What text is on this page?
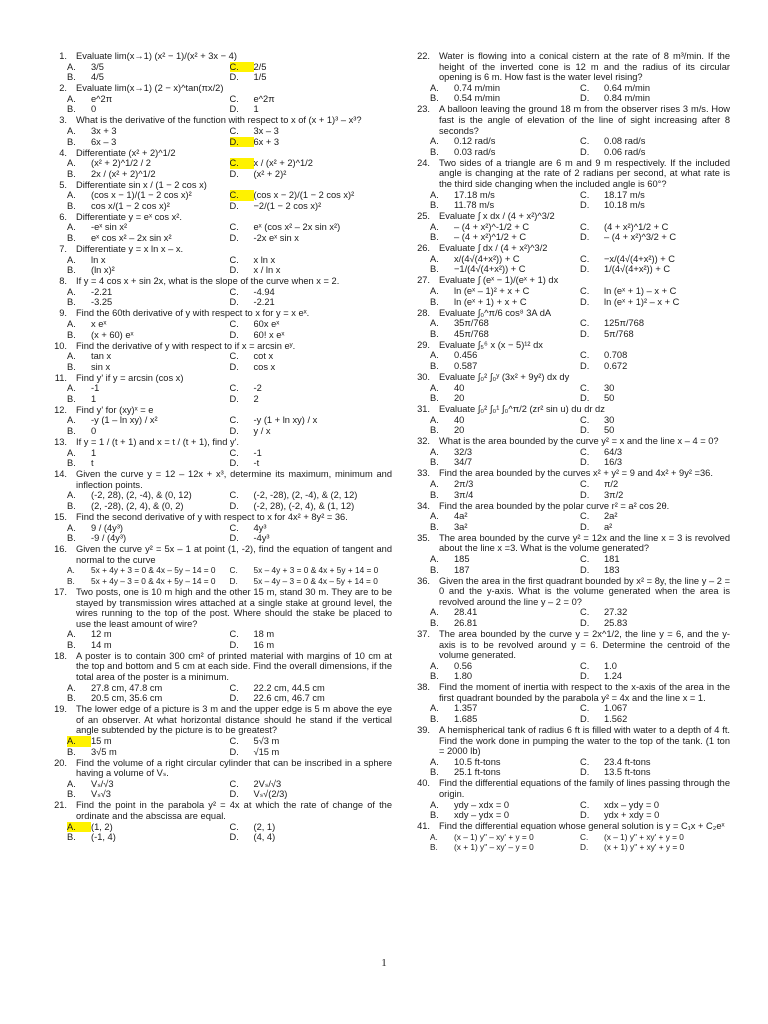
1. Evaluate lim(x→1) (x² − 1)/(x² + 3x − 4)
A.	3/5	C.	2/5
B.	4/5	D.	1/5
2. Evaluate lim(x→1) (2 − x)^tan(πx/2)
A.	e^2π	C.	e^2π
B.	0	D.	1
3. What is the derivative of the function with respect to x of (x + 1)³ – x³?
A.	3x + 3	C.	3x – 3
B.	6x – 3	D.	6x + 3
4. Differentiate (x² + 2)^1/2
A.	(x² + 2)^1/2 / 2	C.	x / (x² + 2)^1/2
B.	2x / (x² + 2)^1/2	D.	(x² + 2)²
5. Differentiate sin x / (1 − 2 cos x)
A.	(cos x − 1)/(1 − 2 cos x)²	C.	(cos x − 2)/(1 − 2 cos x)²
B.	cos x/(1 − 2 cos x)²	D.	−2/(1 − 2 cos x)²
6. Differentiate y = eˣ cos x².
A.	-eˣ sin x²	C.	eˣ (cos x² – 2x sin x²)
B.	eˣ cos x² – 2x sin x²	D.	-2x eˣ sin x
7. Differentiate y = x ln x – x.
A.	ln x	C.	x ln x
B.	(ln x)²	D.	x / ln x
8. If y = 4 cos x + sin 2x, what is the slope of the curve when x = 2.
A.	-2.21	C.	-4.94
B.	-3.25	D.	-2.21
9. Find the 60th derivative of y with respect to x for y = x eˣ.
A.	x eˣ	C.	60x eˣ
B.	(x + 60) eˣ	D.	60! x eˣ
10. Find the derivative of y with respect to if x = arcsin eʸ.
A.	tan x	C.	cot x
B.	sin x	D.	cos x
11. Find y' if y = arcsin (cos x)
A.	-1	C.	-2
B.	1	D.	2
12. Find y' for (xy)ˣ = e
A.	-y (1 – ln xy) / x²	C.	-y (1 + ln xy) / x
B.	0	D.	y / x
13. If y = 1 / (t + 1) and x = t / (t + 1), find y'.
A.	1	C.	-1
B.	t	D.	-t
14. Given the curve y = 12 – 12x + x³, determine its maximum, minimum and inflection points.
A.	(-2, 28), (2, -4), & (0, 12)	C.	(-2, -28), (2, -4), & (2, 12)
B.	(2, -28), (2, 4), & (0, 2)	D.	(-2, 28), (-2, 4), & (1, 12)
15. Find the second derivative of y with respect to x for 4x² + 8y² = 36.
A.	9 / (4y³)	C.	4y³
B.	-9 / (4y³)	D.	-4y³
16. Given the curve y² = 5x – 1 at point (1, -2), find the equation of tangent and normal to the curve
A.	5x + 4y + 3 = 0 & 4x – 5y – 14 = 0 C.	5x – 4y + 3 = 0 & 4x + 5y + 14 = 0
B.	5x + 4y – 3 = 0 & 4x + 5y – 14 = 0 D.	5x – 4y – 3 = 0 & 4x – 5y + 14 = 0
17. Two posts, one is 10 m high and the other 15 m, stand 30 m. They are to be stayed by transmission wires attached at a single stake at ground level, the wires running to the top of the post. Where should the stake be placed to use the least amount of wire?
A.	12 m	C.	18 m
B.	14 m	D.	16 m
18. A poster is to contain 300 cm² of printed material with margins of 10 cm at the top and bottom and 5 cm at each side. Find the overall dimensions, if the total area of the poster is a minimum.
A.	27.8 cm, 47.8 cm	C.	22.2 cm, 44.5 cm
B.	20.5 cm, 35.6 cm	D.	22.6 cm, 46.7 cm
19. The lower edge of a picture is 3 m and the upper edge is 5 m above the eye of an observer. At what horizontal distance should he stand if the vertical angle subtended by the picture is to be greatest?
A.	15 m	C.	5√3 m
B.	3√5 m	D.	√15 m
20. Find the volume of a right circular cylinder that can be inscribed in a sphere having a volume of Vₛ.
A.	Vₛ/√3	C.	2Vₛ/√3
B.	Vₛ√3	D.	Vₛ√(2/3)
21. Find the point in the parabola y² = 4x at which the rate of change of the ordinate and the abscissa are equal.
A.	(1, 2)	C.	(2, 1)
B.	(-1, 4)	D.	(4, 4)
22. Water is flowing into a conical cistern at the rate of 8 m³/min. If the height of the inverted cone is 12 m and the radius of its circular opening is 6 m. How fast is the water level rising?
A.	0.74 m/min	C.	0.64 m/min
B.	0.54 m/min	D.	0.84 m/min
23. A balloon leaving the ground 18 m from the observer rises 3 m/s. How fast is the angle of elevation of the line of sight increasing after 8 seconds?
A.	0.12 rad/s	C.	0.08 rad/s
B.	0.03 rad/s	D.	0.06 rad/s
24. Two sides of a triangle are 6 m and 9 m respectively. If the included angle is changing at the rate of 2 radians per second, at what rate is the third side changing when the included angle is 60°?
A.	17.18 m/s	C.	18.17 m/s
B.	11.78 m/s	D.	10.18 m/s
25. Evaluate ∫ x dx / (4 + x²)^3/2
A.	– (4 + x²)^-1/2 + C	C.	(4 + x²)^1/2 + C
B.	– (4 + x²)^1/2 + C	D.	– (4 + x²)^3/2 + C
26. Evaluate ∫ dx / (4 + x²)^3/2
A.	x/(4√(4+x²)) + C	C.	−x/(4√(4+x²)) + C
B.	−1/(4√(4+x²)) + C	D.	1/(4√(4+x²)) + C
27. Evaluate ∫ (eˣ − 1)/(eˣ + 1) dx
A.	ln (eˣ – 1)² + x + C	C.	ln (eˣ + 1) – x + C
B.	ln (eˣ + 1) + x + C	D.	ln (eˣ + 1)² – x + C
28. Evaluate ∫₀^π/6 cos⁸ 3A dA
A.	35π/768	C.	125π/768
B.	45π/768	D.	5π/768
29. Evaluate ∫₅⁶ x (x − 5)¹² dx
A.	0.456	C.	0.708
B.	0.587	D.	0.672
30. Evaluate ∫₀² ∫₀ʸ (3x² + 9y²) dx dy
A.	40	C.	30
B.	20	D.	50
31. Evaluate ∫₀² ∫₀¹ ∫₀^π/2 (zr² sin u) du dr dz
A.	40	C.	30
B.	20	D.	50
32. What is the area bounded by the curve y² = x and the line x – 4 = 0?
A.	32/3	C.	64/3
B.	34/7	D.	16/3
33. Find the area bounded by the curves x² + y² = 9 and 4x² + 9y² =36.
A.	2π/3	C.	π/2
B.	3π/4	D.	3π/2
34. Find the area bounded by the polar curve r² = a² cos 2θ.
A.	4a²	C.	2a²
B.	3a²	D.	a²
35. The area bounded by the curve y² = 12x and the line x = 3 is revolved about the line x =3. What is the volume generated?
A.	185	C.	181
B.	187	D.	183
36. Given the area in the first quadrant bounded by x² = 8y, the line y – 2 = 0 and the y-axis. What is the volume generated when the area is revolved around the line y – 2 = 0?
A.	28.41	C.	27.32
B.	26.81	D.	25.83
37. The area bounded by the curve y = 2x^1/2, the line y = 6, and the y-axis is to be revolved around y = 6. Determine the centroid of the volume generated.
A.	0.56	C.	1.0
B.	1.80	D.	1.24
38. Find the moment of inertia with respect to the x-axis of the area in the first quadrant bounded by the parabola y² = 4x and the line x = 1.
A.	1.357	C.	1.067
B.	1.685	D.	1.562
39. A hemispherical tank of radius 6 ft is filled with water to a depth of 4 ft. Find the work done in pumping the water to the top of the tank. (1 ton = 2000 lb)
A.	10.5 ft-tons	C.	23.4 ft-tons
B.	25.1 ft-tons	D.	13.5 ft-tons
40. Find the differential equations of the family of lines passing through the origin.
A.	ydy – xdx = 0	C.	xdx – ydy = 0
B.	xdy – ydx = 0	D.	ydx + xdy = 0
41. Find the differential equation whose general solution is y = C₁x + C₂eˣ
A.	(x – 1) y" – xy' + y = 0	C.	(x – 1) y" + xy' + y = 0
B.	(x + 1) y" – xy' – y = 0	D.	(x + 1) y" + xy' + y = 0
1
